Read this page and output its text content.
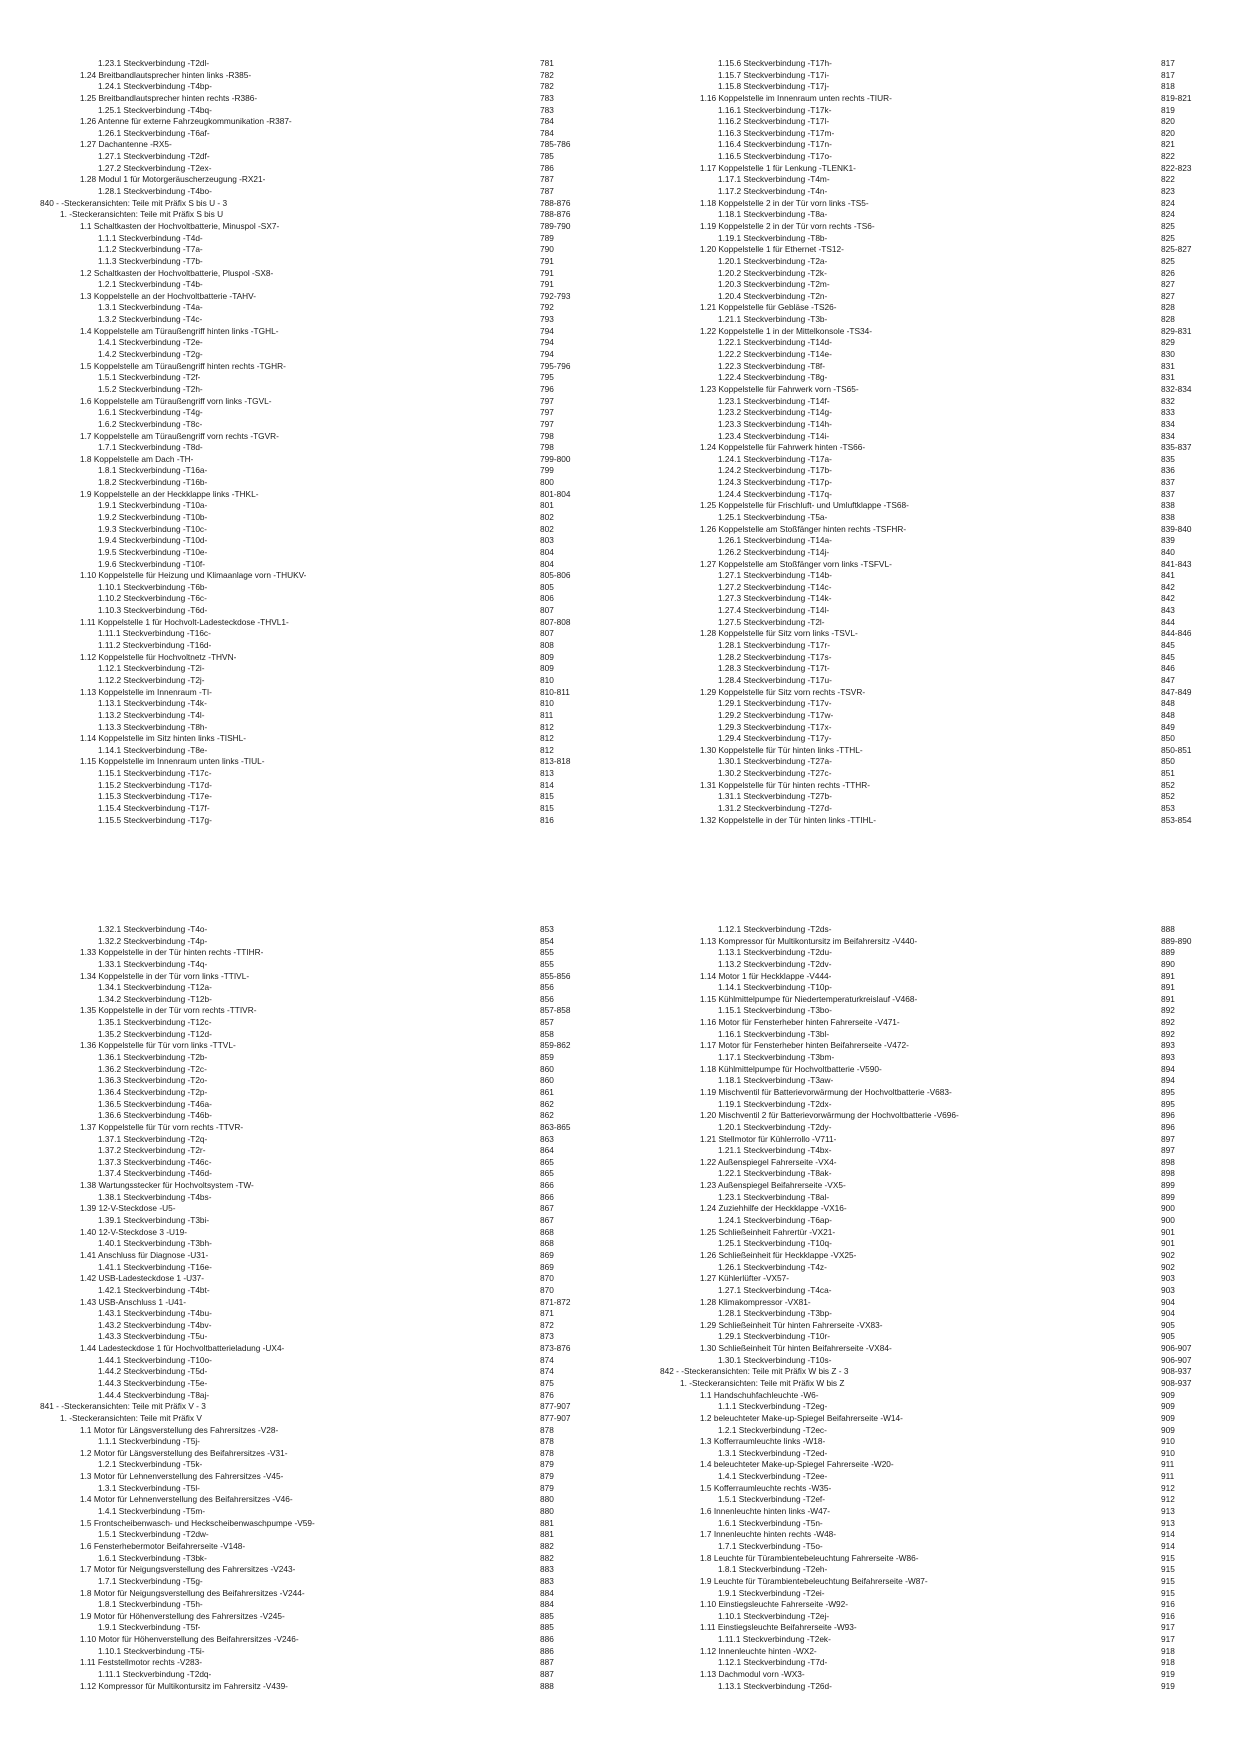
1.23.1 Steckverbindung -T2dl-	781
1.24 Breitbandlautsprecher hinten links -R385-	782
1.24.1 Steckverbindung -T4bp-	782
1.25 Breitbandlautsprecher hinten rechts -R386-	783
1.25.1 Steckverbindung -T4bq-	783
1.26 Antenne für externe Fahrzeugkommunikation -R387-	784
1.26.1 Steckverbindung -T6af-	784
1.27 Dachantenne -RX5-	785-786
1.27.1 Steckverbindung -T2df-	785
1.27.2 Steckverbindung -T2ex-	786
1.28 Modul 1 für Motorgeräuscherzeugung -RX21-	787
1.28.1 Steckverbindung -T4bo-	787
840 - -Steckeransichten: Teile mit Präfix S bis U - 3	788-876
1. -Steckeransichten: Teile mit Präfix S bis U	788-876
1.1 Schaltkasten der Hochvoltbatterie, Minuspol -SX7-	789-790
1.1.1 Steckverbindung -T4d-	789
1.1.2 Steckverbindung -T7a-	790
1.1.3 Steckverbindung -T7b-	791
1.2 Schaltkasten der Hochvoltbatterie, Pluspol -SX8-	791
1.2.1 Steckverbindung -T4b-	791
1.3 Koppelstelle an der Hochvoltbatterie -TAHV-	792-793
1.3.1 Steckverbindung -T4a-	792
1.3.2 Steckverbindung -T4c-	793
1.4 Koppelstelle am Türaußengriff hinten links -TGHL-	794
1.4.1 Steckverbindung -T2e-	794
1.4.2 Steckverbindung -T2g-	794
1.5 Koppelstelle am Türaußengriff hinten rechts -TGHR-	795-796
1.5.1 Steckverbindung -T2f-	795
1.5.2 Steckverbindung -T2h-	796
1.6 Koppelstelle am Türaußengriff vorn links -TGVL-	797
1.6.1 Steckverbindung -T4g-	797
1.6.2 Steckverbindung -T8c-	797
1.7 Koppelstelle am Türaußengriff vorn rechts -TGVR-	798
1.7.1 Steckverbindung -T8d-	798
1.8 Koppelstelle am Dach -TH-	799-800
1.8.1 Steckverbindung -T16a-	799
1.8.2 Steckverbindung -T16b-	800
1.9 Koppelstelle an der Heckklappe links -THKL-	801-804
1.9.1 Steckverbindung -T10a-	801
1.9.2 Steckverbindung -T10b-	802
1.9.3 Steckverbindung -T10c-	802
1.9.4 Steckverbindung -T10d-	803
1.9.5 Steckverbindung -T10e-	804
1.9.6 Steckverbindung -T10f-	804
1.10 Koppelstelle für Heizung und Klimaanlage vorn -THUKV-	805-806
1.10.1 Steckverbindung -T6b-	805
1.10.2 Steckverbindung -T6c-	806
1.10.3 Steckverbindung -T6d-	807
1.11 Koppelstelle 1 für Hochvolt-Ladesteckdose -THVL1-	807-808
1.11.1 Steckverbindung -T16c-	807
1.11.2 Steckverbindung -T16d-	808
1.12 Koppelstelle für Hochvoltnetz -THVN-	809
1.12.1 Steckverbindung -T2i-	809
1.12.2 Steckverbindung -T2j-	810
1.13 Koppelstelle im Innenraum -TI-	810-811
1.13.1 Steckverbindung -T4k-	810
1.13.2 Steckverbindung -T4l-	811
1.13.3 Steckverbindung -T8h-	812
1.14 Koppelstelle im Sitz hinten links -TISHL-	812
1.14.1 Steckverbindung -T8e-	812
1.15 Koppelstelle im Innenraum unten links -TIUL-	813-818
1.15.1 Steckverbindung -T17c-	813
1.15.2 Steckverbindung -T17d-	814
1.15.3 Steckverbindung -T17e-	815
1.15.4 Steckverbindung -T17f-	815
1.15.5 Steckverbindung -T17g-	816
1.15.6 Steckverbindung -T17h-	817
1.15.7 Steckverbindung -T17i-	817
1.15.8 Steckverbindung -T17j-	818
1.16 Koppelstelle im Innenraum unten rechts -TIUR-	819-821
1.16.1 Steckverbindung -T17k-	819
1.16.2 Steckverbindung -T17l-	820
1.16.3 Steckverbindung -T17m-	820
1.16.4 Steckverbindung -T17n-	821
1.16.5 Steckverbindung -T17o-	822
1.17 Koppelstelle 1 für Lenkung -TLENK1-	822-823
1.17.1 Steckverbindung -T4m-	822
1.17.2 Steckverbindung -T4n-	823
1.18 Koppelstelle 2 in der Tür vorn links -TS5-	824
1.18.1 Steckverbindung -T8a-	824
1.19 Koppelstelle 2 in der Tür vorn rechts -TS6-	825
1.19.1 Steckverbindung -T8b-	825
1.20 Koppelstelle 1 für Ethernet -TS12-	825-827
1.20.1 Steckverbindung -T2a-	825
1.20.2 Steckverbindung -T2k-	826
1.20.3 Steckverbindung -T2m-	827
1.20.4 Steckverbindung -T2n-	827
1.21 Koppelstelle für Gebläse -TS26-	828
1.21.1 Steckverbindung -T3b-	828
1.22 Koppelstelle 1 in der Mittelkonsole -TS34-	829-831
1.22.1 Steckverbindung -T14d-	829
1.22.2 Steckverbindung -T14e-	830
1.22.3 Steckverbindung -T8f-	831
1.22.4 Steckverbindung -T8g-	831
1.23 Koppelstelle für Fahrwerk vorn -TS65-	832-834
1.23.1 Steckverbindung -T14f-	832
1.23.2 Steckverbindung -T14g-	833
1.23.3 Steckverbindung -T14h-	834
1.23.4 Steckverbindung -T14i-	834
1.24 Koppelstelle für Fahrwerk hinten -TS66-	835-837
1.24.1 Steckverbindung -T17a-	835
1.24.2 Steckverbindung -T17b-	836
1.24.3 Steckverbindung -T17p-	837
1.24.4 Steckverbindung -T17q-	837
1.25 Koppelstelle für Frischluft- und Umluftklappe -TS68-	838
1.25.1 Steckverbindung -T5a-	838
1.26 Koppelstelle am Stoßfänger hinten rechts -TSFHR-	839-840
1.26.1 Steckverbindung -T14a-	839
1.26.2 Steckverbindung -T14j-	840
1.27 Koppelstelle am Stoßfänger vorn links -TSFVL-	841-843
1.27.1 Steckverbindung -T14b-	841
1.27.2 Steckverbindung -T14c-	842
1.27.3 Steckverbindung -T14k-	842
1.27.4 Steckverbindung -T14l-	843
1.27.5 Steckverbindung -T2l-	844
1.28 Koppelstelle für Sitz vorn links -TSVL-	844-846
1.28.1 Steckverbindung -T17r-	845
1.28.2 Steckverbindung -T17s-	845
1.28.3 Steckverbindung -T17t-	846
1.28.4 Steckverbindung -T17u-	847
1.29 Koppelstelle für Sitz vorn rechts -TSVR-	847-849
1.29.1 Steckverbindung -T17v-	848
1.29.2 Steckverbindung -T17w-	848
1.29.3 Steckverbindung -T17x-	849
1.29.4 Steckverbindung -T17y-	850
1.30 Koppelstelle für Tür hinten links -TTHL-	850-851
1.30.1 Steckverbindung -T27a-	850
1.30.2 Steckverbindung -T27c-	851
1.31 Koppelstelle für Tür hinten rechts -TTHR-	852
1.31.1 Steckverbindung -T27b-	852
1.31.2 Steckverbindung -T27d-	853
1.32 Koppelstelle in der Tür hinten links -TTIHL-	853-854
1.32.1 Steckverbindung -T4o-	853
1.32.2 Steckverbindung -T4p-	854
1.33 Koppelstelle in der Tür hinten rechts -TTIHR-	855
1.33.1 Steckverbindung -T4q-	855
1.34 Koppelstelle in der Tür vorn links -TTIVL-	855-856
1.34.1 Steckverbindung -T12a-	856
1.34.2 Steckverbindung -T12b-	856
1.35 Koppelstelle in der Tür vorn rechts -TTIVR-	857-858
1.35.1 Steckverbindung -T12c-	857
1.35.2 Steckverbindung -T12d-	858
1.36 Koppelstelle für Tür vorn links -TTVL-	859-862
1.36.1 Steckverbindung -T2b-	859
1.36.2 Steckverbindung -T2c-	860
1.36.3 Steckverbindung -T2o-	860
1.36.4 Steckverbindung -T2p-	861
1.36.5 Steckverbindung -T46a-	862
1.36.6 Steckverbindung -T46b-	862
1.37 Koppelstelle für Tür vorn rechts -TTVR-	863-865
1.37.1 Steckverbindung -T2q-	863
1.37.2 Steckverbindung -T2r-	864
1.37.3 Steckverbindung -T46c-	865
1.37.4 Steckverbindung -T46d-	865
1.38 Wartungsstecker für Hochvoltsystem -TW-	866
1.38.1 Steckverbindung -T4bs-	866
1.39 12-V-Steckdose -U5-	867
1.39.1 Steckverbindung -T3bi-	867
1.40 12-V-Steckdose 3 -U19-	868
1.40.1 Steckverbindung -T3bh-	868
1.41 Anschluss für Diagnose -U31-	869
1.41.1 Steckverbindung -T16e-	869
1.42 USB-Ladesteckdose 1 -U37-	870
1.42.1 Steckverbindung -T4bt-	870
1.43 USB-Anschluss 1 -U41-	871-872
1.43.1 Steckverbindung -T4bu-	871
1.43.2 Steckverbindung -T4bv-	872
1.43.3 Steckverbindung -T5u-	873
1.44 Ladesteckdose 1 für Hochvoltbatterieladung -UX4-	873-876
1.44.1 Steckverbindung -T10o-	874
1.44.2 Steckverbindung -T5d-	874
1.44.3 Steckverbindung -T5e-	875
1.44.4 Steckverbindung -T8aj-	876
841 - -Steckeransichten: Teile mit Präfix V - 3	877-907
1. -Steckeransichten: Teile mit Präfix V	877-907
1.1 Motor für Längsverstellung des Fahrersitzes -V28-	878
1.1.1 Steckverbindung -T5j-	878
1.2 Motor für Längsverstellung des Beifahrersitzes -V31-	878
1.2.1 Steckverbindung -T5k-	879
1.3 Motor für Lehnenverstellung des Fahrersitzes -V45-	879
1.3.1 Steckverbindung -T5l-	879
1.4 Motor für Lehnenverstellung des Beifahrersitzes -V46-	880
1.4.1 Steckverbindung -T5m-	880
1.5 Frontscheibenwasch- und Heckscheibenwaschpumpe -V59-	881
1.5.1 Steckverbindung -T2dw-	881
1.6 Fensterhebermotor Beifahrerseite -V148-	882
1.6.1 Steckverbindung -T3bk-	882
1.7 Motor für Neigungsverstellung des Fahrersitzes -V243-	883
1.7.1 Steckverbindung -T5g-	883
1.8 Motor für Neigungsverstellung des Beifahrersitzes -V244-	884
1.8.1 Steckverbindung -T5h-	884
1.9 Motor für Höhenverstellung des Fahrersitzes -V245-	885
1.9.1 Steckverbindung -T5f-	885
1.10 Motor für Höhenverstellung des Beifahrersitzes -V246-	886
1.10.1 Steckverbindung -T5i-	886
1.11 Feststellmotor rechts -V283-	887
1.11.1 Steckverbindung -T2dq-	887
1.12 Kompressor für Multikontursitz im Fahrersitz -V439-	888
1.12.1 Steckverbindung -T2ds-	888
1.13 Kompressor für Multikontursitz im Beifahrersitz -V440-	889-890
1.13.1 Steckverbindung -T2du-	889
1.13.2 Steckverbindung -T2dv-	890
1.14 Motor 1 für Heckklappe -V444-	891
1.14.1 Steckverbindung -T10p-	891
1.15 Kühlmittelpumpe für Niedertemperaturkreislauf -V468-	891
1.15.1 Steckverbindung -T3bo-	892
1.16 Motor für Fensterheber hinten Fahrerseite -V471-	892
1.16.1 Steckverbindung -T3bl-	892
1.17 Motor für Fensterheber hinten Beifahrerseite -V472-	893
1.17.1 Steckverbindung -T3bm-	893
1.18 Kühlmittelpumpe für Hochvoltbatterie -V590-	894
1.18.1 Steckverbindung -T3aw-	894
1.19 Mischventil für Batterievorwärmung der Hochvoltbatterie -V683-	895
1.19.1 Steckverbindung -T2dx-	895
1.20 Mischventil 2 für Batterievorwärmung der Hochvoltbatterie -V696-	896
1.20.1 Steckverbindung -T2dy-	896
1.21 Stellmotor für Kühlerrollo -V711-	897
1.21.1 Steckverbindung -T4bx-	897
1.22 Außenspiegel Fahrerseite -VX4-	898
1.22.1 Steckverbindung -T8ak-	898
1.23 Außenspiegel Beifahrerseite -VX5-	899
1.23.1 Steckverbindung -T8al-	899
1.24 Zuziehhilfe der Heckklappe -VX16-	900
1.24.1 Steckverbindung -T6ap-	900
1.25 Schließeinheit Fahrertür -VX21-	901
1.25.1 Steckverbindung -T10q-	901
1.26 Schließeinheit für Heckklappe -VX25-	902
1.26.1 Steckverbindung -T4z-	902
1.27 Kühlerlüfter -VX57-	903
1.27.1 Steckverbindung -T4ca-	903
1.28 Klimakompressor -VX81-	904
1.28.1 Steckverbindung -T3bp-	904
1.29 Schließeinheit Tür hinten Fahrerseite -VX83-	905
1.29.1 Steckverbindung -T10r-	905
1.30 Schließeinheit Tür hinten Beifahrerseite -VX84-	906-907
1.30.1 Steckverbindung -T10s-	906-907
842 - -Steckeransichten: Teile mit Präfix W bis Z - 3	908-937
1. -Steckeransichten: Teile mit Präfix W bis Z	908-937
1.1 Handschuhfachleuchte -W6-	909
1.1.1 Steckverbindung -T2eg-	909
1.2 beleuchteter Make-up-Spiegel Beifahrerseite -W14-	909
1.2.1 Steckverbindung -T2ec-	909
1.3 Kofferraumleuchte links -W18-	910
1.3.1 Steckverbindung -T2ed-	910
1.4 beleuchteter Make-up-Spiegel Fahrerseite -W20-	911
1.4.1 Steckverbindung -T2ee-	911
1.5 Kofferraumleuchte rechts -W35-	912
1.5.1 Steckverbindung -T2ef-	912
1.6 Innenleuchte hinten links -W47-	913
1.6.1 Steckverbindung -T5n-	913
1.7 Innenleuchte hinten rechts -W48-	914
1.7.1 Steckverbindung -T5o-	914
1.8 Leuchte für Türambientebeleuchtung Fahrerseite -W86-	915
1.8.1 Steckverbindung -T2eh-	915
1.9 Leuchte für Türambientebeleuchtung Beifahrerseite -W87-	915
1.9.1 Steckverbindung -T2ei-	915
1.10 Einstiegsleuchte Fahrerseite -W92-	916
1.10.1 Steckverbindung -T2ej-	916
1.11 Einstiegsleuchte Beifahrerseite -W93-	917
1.11.1 Steckverbindung -T2ek-	917
1.12 Innenleuchte hinten -WX2-	918
1.12.1 Steckverbindung -T7d-	918
1.13 Dachmodul vorn -WX3-	919
1.13.1 Steckverbindung -T26d-	919
